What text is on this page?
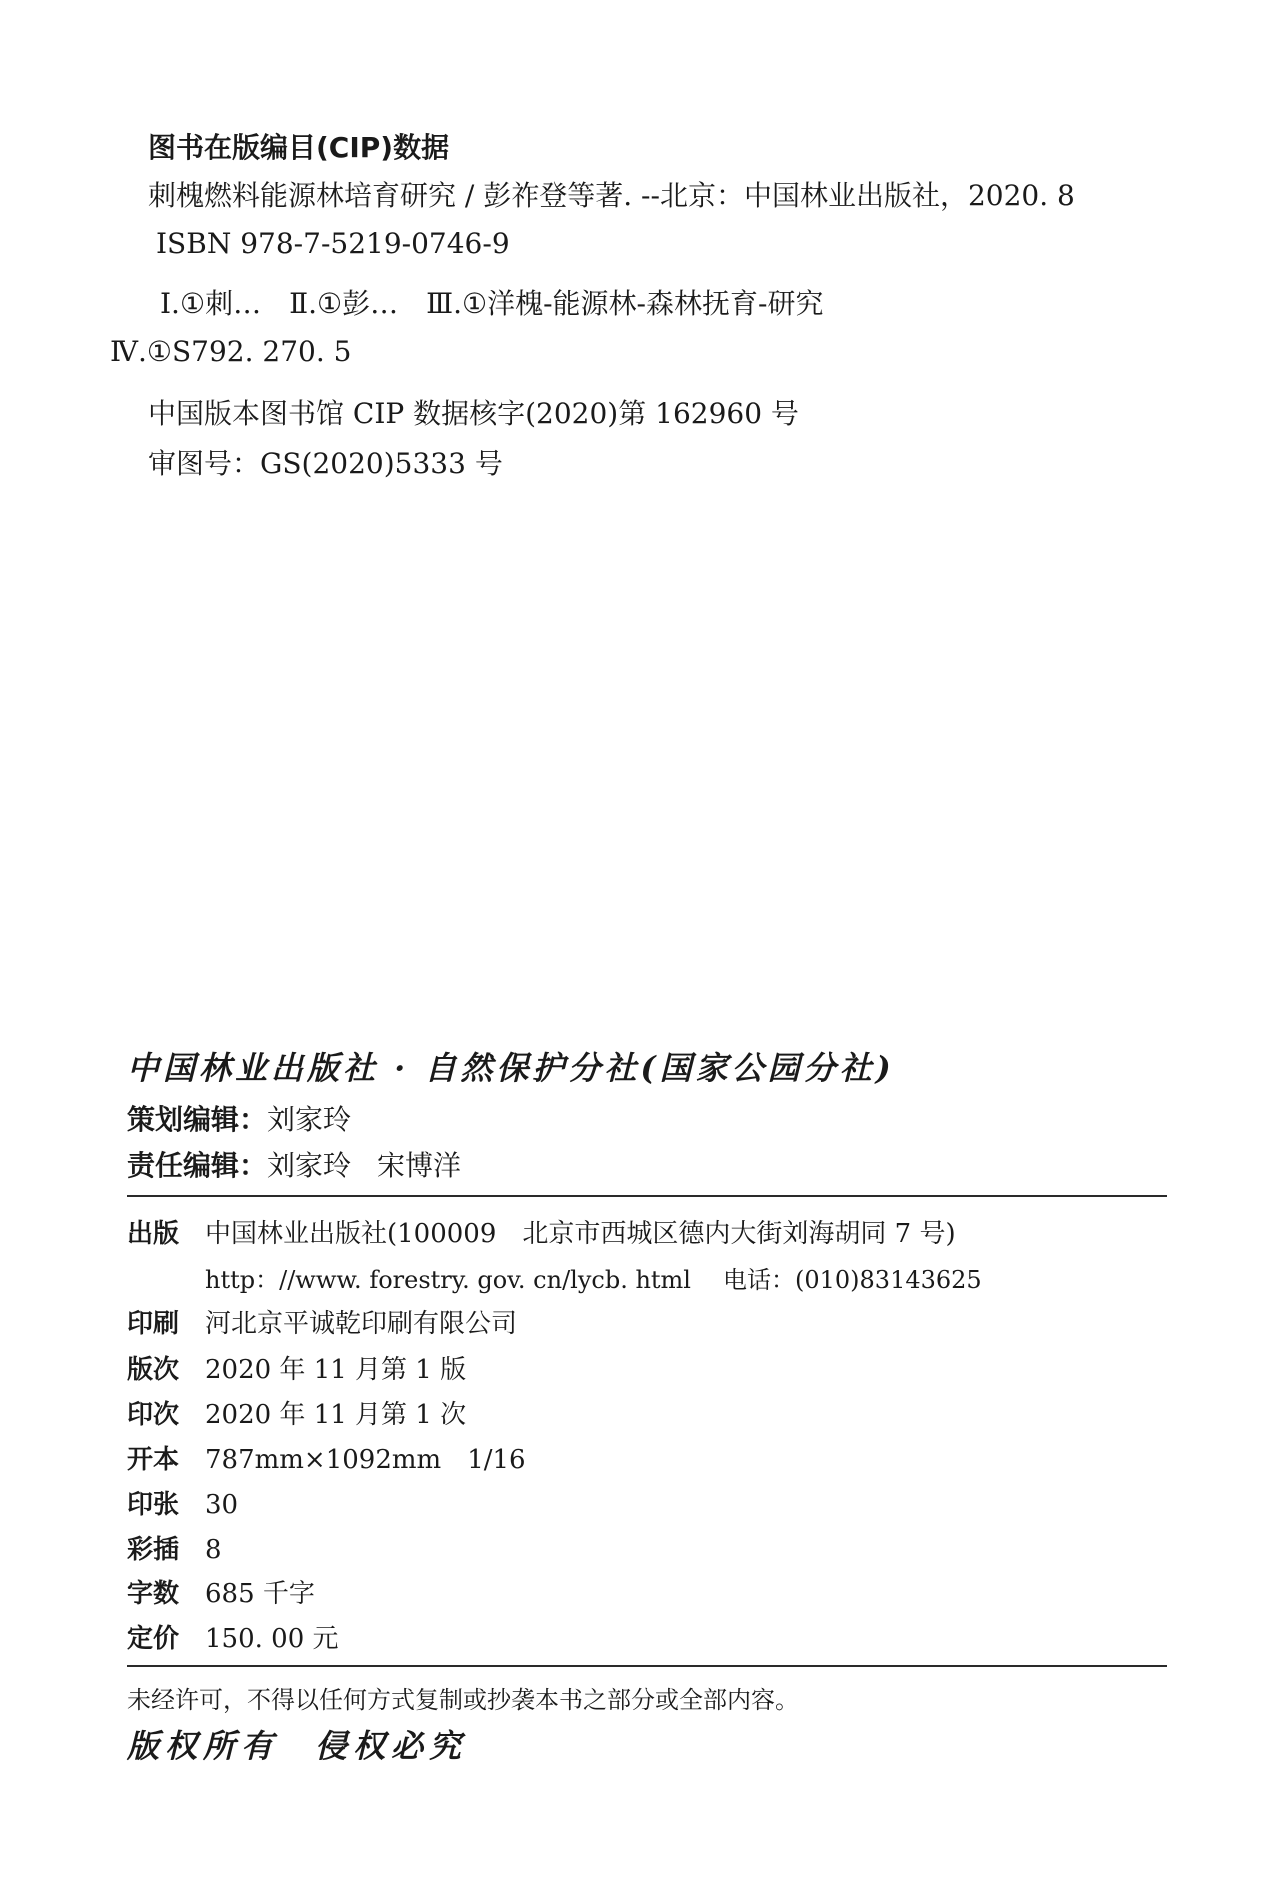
图书在版编目(CIP)数据
刺槐燃料能源林培育研究 / 彭祚登等著. --北京：中国林业出版社，2020. 8
ISBN 978-7-5219-0746-9
Ⅰ.①刺…　Ⅱ.①彭…　Ⅲ.①洋槐-能源林-森林抚育-研究
Ⅳ.①S792. 270. 5
中国版本图书馆 CIP 数据核字(2020)第 162960 号
审图号：GS(2020)5333 号
中国林业出版社 · 自然保护分社(国家公园分社)
策划编辑：刘家玲
责任编辑：刘家玲 宋博洋
出版 中国林业出版社(100009　北京市西城区德内大街刘海胡同 7 号)
http：//www. forestry. gov. cn/lycb. html 电话：(010)83143625
印刷 河北京平诚乾印刷有限公司
版次 2020 年 11 月第 1 版
印次 2020 年 11 月第 1 次
开本 787mm×1092mm　1/16
印张 30
彩插 8
字数 685 千字
定价 150. 00 元
未经许可，不得以任何方式复制或抄袭本书之部分或全部内容。
版权所有 侵权必究
